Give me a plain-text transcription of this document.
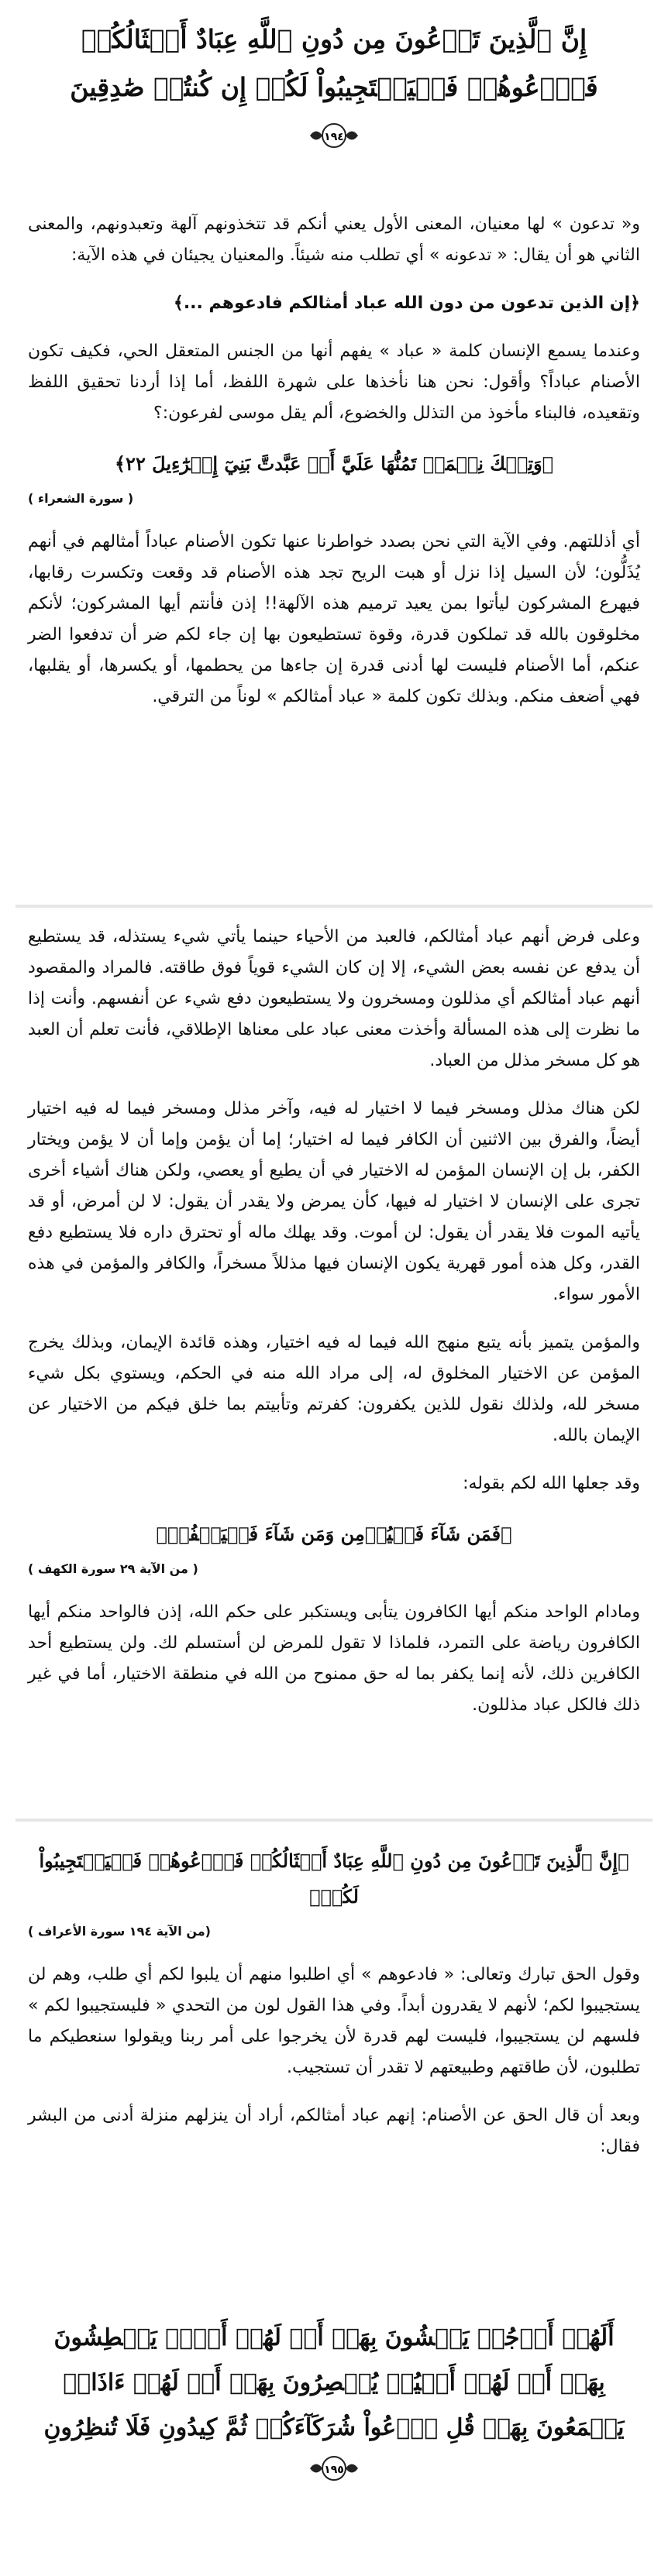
إِنَّ ٱلَّذِينَ تَدۡعُونَ مِن دُونِ ٱللَّهِ عِبَادٌ أَمۡثَالُكُمۡ

فَٱدۡعُوهُمۡ فَلۡيَسۡتَجِيبُواْ لَكُمۡ إِن كُنتُمۡ صَٰدِقِينَ

١٩٤

و« تدعون » لها معنيان، المعنى الأول يعني أنكم قد تتخذونهم آلهة وتعبدونهم، والمعنى الثاني هو أن يقال: « تدعونه » أي تطلب منه شيئاً. والمعنيان يجيئان في هذه الآية:

﴿إن الذين تدعون من دون الله عباد أمثالكم فادعوهم ...﴾

وعندما يسمع الإنسان كلمة « عباد » يفهم أنها من الجنس المتعقل الحي، فكيف تكون الأصنام عباداً؟ وأقول: نحن هنا نأخذها على شهرة اللفظ، أما إذا أردنا تحقيق اللفظ وتقعيده، فالبناء مأخوذ من التذلل والخضوع، ألم يقل موسى لفرعون:؟

﴿وَتِلۡكَ نِعۡمَةٞ تَمُنُّهَا عَلَيَّ أَنۡ عَبَّدتَّ بَنِيٓ إِسۡرَٰٓءِيلَ ٢٢﴾

( سورة الشعراء )

أي أذللتهم. وفي الآية التي نحن بصدد خواطرنا عنها تكون الأصنام عباداً أمثالهم في أنهم يُذَلُّون؛ لأن السيل إذا نزل أو هبت الريح تجد هذه الأصنام قد وقعت وتكسرت رقابها، فيهرع المشركون ليأتوا بمن يعيد ترميم هذه الآلهة!! إذن فأنتم أيها المشركون؛ لأنكم مخلوقون بالله قد تملكون قدرة، وقوة تستطيعون بها إن جاء لكم ضر أن تدفعوا الضر عنكم، أما الأصنام فليست لها أدنى قدرة إن جاءها من يحطمها، أو يكسرها، أو يقلبها، فهي أضعف منكم. وبذلك تكون كلمة « عباد أمثالكم » لوناً من الترقي.

وعلى فرض أنهم عباد أمثالكم، فالعبد من الأحياء حينما يأتي شيء يستذله، قد يستطيع أن يدفع عن نفسه بعض الشيء، إلا إن كان الشيء قوياً فوق طاقته. فالمراد والمقصود أنهم عباد أمثالكم أي مذللون ومسخرون ولا يستطيعون دفع شيء عن أنفسهم. وأنت إذا ما نظرت إلى هذه المسألة وأخذت معنى عباد على معناها الإطلاقي، فأنت تعلم أن العبد هو كل مسخر مذلل من العباد.

لكن هناك مذلل ومسخر فيما لا اختيار له فيه، وآخر مذلل ومسخر فيما له فيه اختيار أيضاً، والفرق بين الاثنين أن الكافر فيما له اختيار؛ إما أن يؤمن وإما أن لا يؤمن ويختار الكفر، بل إن الإنسان المؤمن له الاختيار في أن يطيع أو يعصي، ولكن هناك أشياء أخرى تجرى على الإنسان لا اختيار له فيها، كأن يمرض ولا يقدر أن يقول: لا لن أمرض، أو قد يأتيه الموت فلا يقدر أن يقول: لن أموت. وقد يهلك ماله أو تحترق داره فلا يستطيع دفع القدر، وكل هذه أمور قهرية يكون الإنسان فيها مذللاً مسخراً، والكافر والمؤمن في هذه الأمور سواء.

والمؤمن يتميز بأنه يتبع منهج الله فيما له فيه اختيار، وهذه قائدة الإيمان، وبذلك يخرج المؤمن عن الاختيار المخلوق له، إلى مراد الله منه في الحكم، ويستوي بكل شيء مسخر لله، ولذلك نقول للذين يكفرون: كفرتم وتأبيتم بما خلق فيكم من الاختيار عن الإيمان بالله.

وقد جعلها الله لكم بقوله:

﴿فَمَن شَآءَ فَلۡيُؤۡمِن وَمَن شَآءَ فَلۡيَكۡفُرۡ﴾

( من الآية ٢٩ سورة الكهف )

ومادام الواحد منكم أيها الكافرون يتأبى ويستكبر على حكم الله، إذن فالواحد منكم أيها الكافرون رياضة على التمرد، فلماذا لا تقول للمرض لن أستسلم لك. ولن يستطيع أحد الكافرين ذلك، لأنه إنما يكفر بما له حق ممنوح من الله في منطقة الاختيار، أما في غير ذلك فالكل عباد مذللون.

﴿إِنَّ ٱلَّذِينَ تَدۡعُونَ مِن دُونِ ٱللَّهِ عِبَادٌ أَمۡثَالُكُمۡ فَٱدۡعُوهُمۡ فَلۡيَسۡتَجِيبُواْ لَكُمۡ﴾

(من الآية ١٩٤ سورة الأعراف )

وقول الحق تبارك وتعالى: « فادعوهم » أي اطلبوا منهم أن يلبوا لكم أي طلب، وهم لن يستجيبوا لكم؛ لأنهم لا يقدرون أبداً. وفي هذا القول لون من التحدي « فليستجيبوا لكم » فلسهم لن يستجيبوا، فليست لهم قدرة لأن يخرجوا على أمر ربنا ويقولوا سنعطيكم ما تطلبون، لأن طاقتهم وطبيعتهم لا تقدر أن تستجيب.

وبعد أن قال الحق عن الأصنام: إنهم عباد أمثالكم، أراد أن ينزلهم منزلة أدنى من البشر فقال:

أَلَهُمۡ أَرۡجُلٞ يَمۡشُونَ بِهَآۖ أَمۡ لَهُمۡ أَيۡدٖ يَبۡطِشُونَ

بِهَآۖ أَمۡ لَهُمۡ أَعۡيُنٞ يُبۡصِرُونَ بِهَآۖ أَمۡ لَهُمۡ ءَاذَانٞ

يَسۡمَعُونَ بِهَاۗ قُلِ ٱدۡعُواْ شُرَكَآءَكُمۡ ثُمَّ كِيدُونِ فَلَا تُنظِرُونِ

١٩٥
